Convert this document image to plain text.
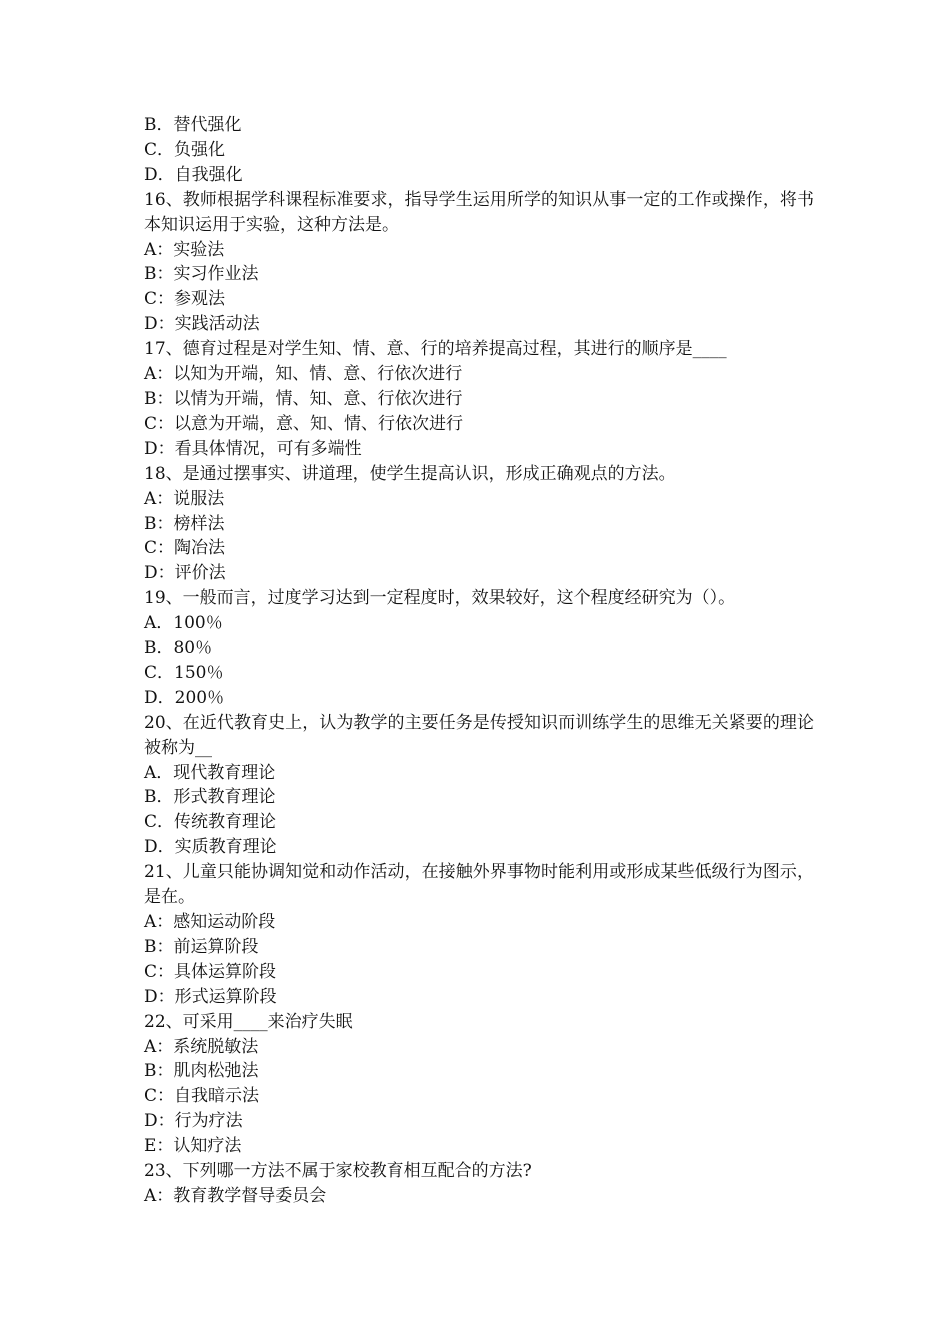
B．替代强化
C．负强化
D．自我强化
16、教师根据学科课程标准要求，指导学生运用所学的知识从事一定的工作或操作，将书本知识运用于实验，这种方法是。
A：实验法
B：实习作业法
C：参观法
D：实践活动法
17、德育过程是对学生知、情、意、行的培养提高过程，其进行的顺序是____
A：以知为开端，知、情、意、行依次进行
B：以情为开端，情、知、意、行依次进行
C：以意为开端，意、知、情、行依次进行
D：看具体情况，可有多端性
18、是通过摆事实、讲道理，使学生提高认识，形成正确观点的方法。
A：说服法
B：榜样法
C：陶冶法
D：评价法
19、一般而言，过度学习达到一定程度时，效果较好，这个程度经研究为（）。
A．100％
B．80％
C．150％
D．200％
20、在近代教育史上，认为教学的主要任务是传授知识而训练学生的思维无关紧要的理论被称为__
A．现代教育理论
B．形式教育理论
C．传统教育理论
D．实质教育理论
21、儿童只能协调知觉和动作活动，在接触外界事物时能利用或形成某些低级行为图示，是在。
A：感知运动阶段
B：前运算阶段
C：具体运算阶段
D：形式运算阶段
22、可采用____来治疗失眠
A：系统脱敏法
B：肌肉松弛法
C：自我暗示法
D：行为疗法
E：认知疗法
23、下列哪一方法不属于家校教育相互配合的方法?
A：教育教学督导委员会
